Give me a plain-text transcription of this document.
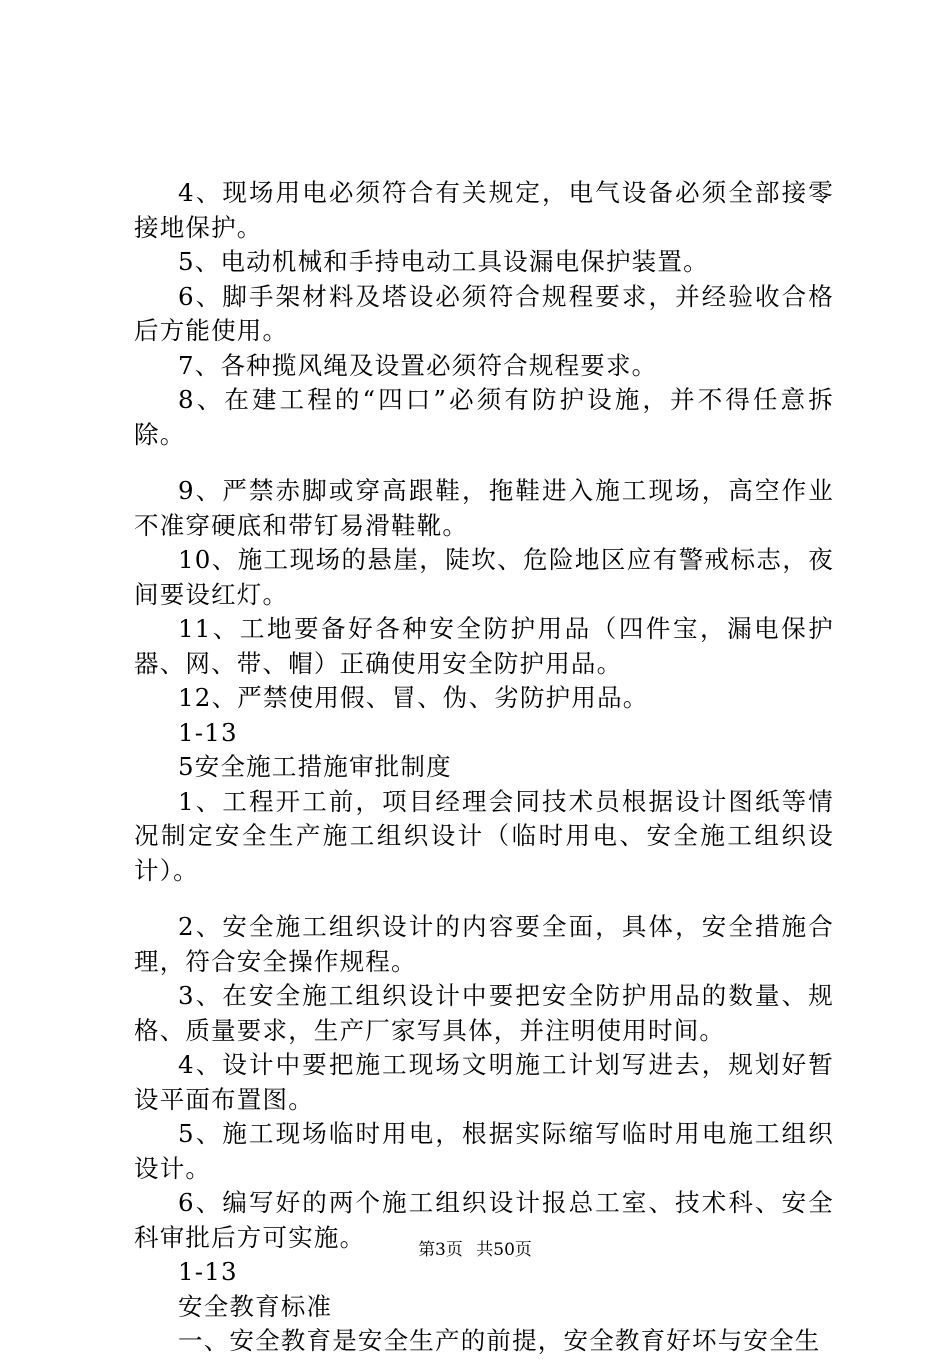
4、现场用电必须符合有关规定，电气设备必须全部接零接地保护。

5、电动机械和手持电动工具设漏电保护装置。

6、脚手架材料及塔设必须符合规程要求，并经验收合格后方能使用。

7、各种揽风绳及设置必须符合规程要求。

8、在建工程的“四口”必须有防护设施，并不得任意拆除。

9、严禁赤脚或穿高跟鞋，拖鞋进入施工现场，高空作业不准穿硬底和带钉易滑鞋靴。

10、施工现场的悬崖，陡坎、危险地区应有警戒标志，夜间要设红灯。

11、工地要备好各种安全防护用品（四件宝，漏电保护器、网、带、帽）正确使用安全防护用品。

12、严禁使用假、冒、伪、劣防护用品。

1-13

5安全施工措施审批制度

1、工程开工前，项目经理会同技术员根据设计图纸等情况制定安全生产施工组织设计（临时用电、安全施工组织设计）。

2、安全施工组织设计的内容要全面，具体，安全措施合理，符合安全操作规程。

3、在安全施工组织设计中要把安全防护用品的数量、规格、质量要求，生产厂家写具体，并注明使用时间。

4、设计中要把施工现场文明施工计划写进去，规划好暂设平面布置图。

5、施工现场临时用电，根据实际缩写临时用电施工组织设计。

6、编写好的两个施工组织设计报总工室、技术科、安全科审批后方可实施。

1-13

安全教育标准

一、安全教育是安全生产的前提，安全教育好坏与安全生

第3页 共50页
